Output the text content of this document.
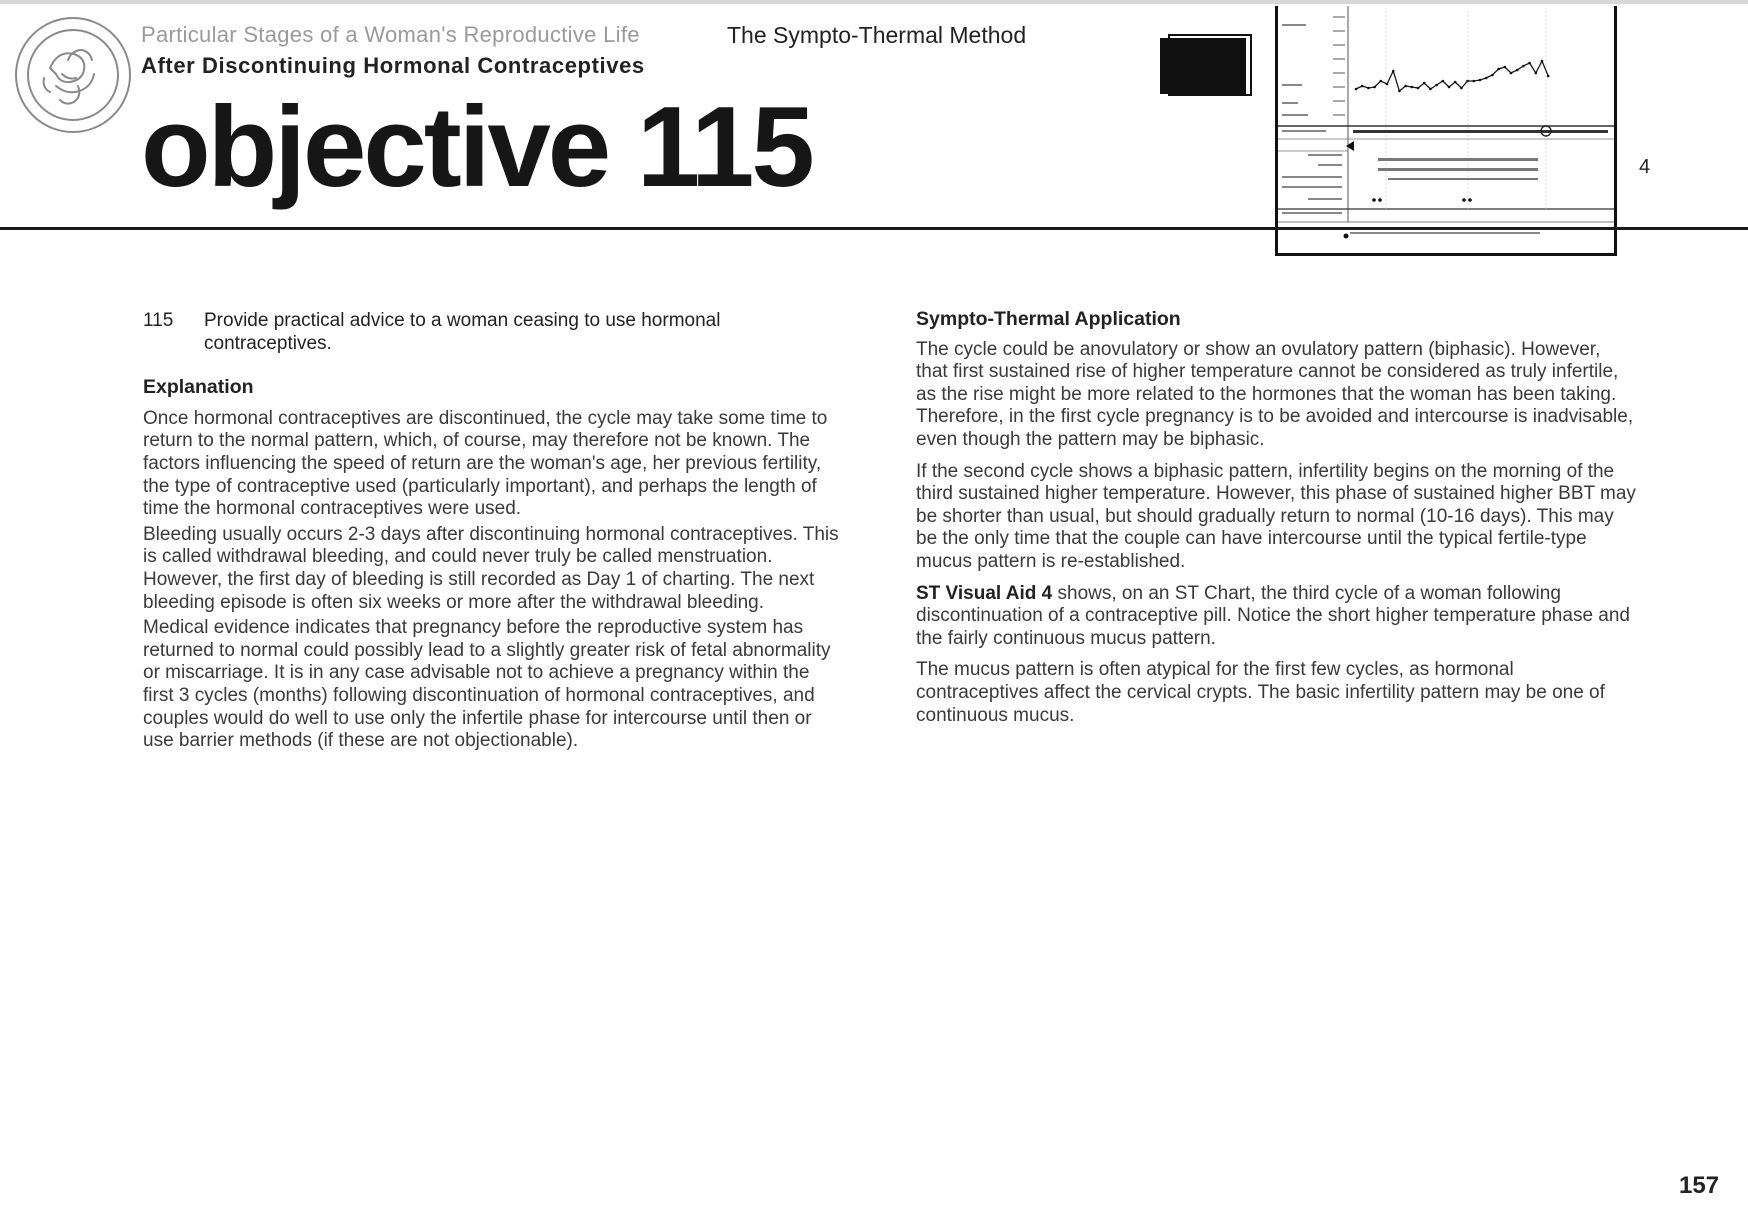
Particular Stages of a Woman's Reproductive Life
After Discontinuing Hormonal Contraceptives
The Sympto-Thermal Method
objective 115	4
115	Provide practical advice to a woman ceasing to use hormonal contraceptives.
Explanation

Once hormonal contraceptives are discontinued, the cycle may take some time to return to the normal pattern, which, of course, may therefore not be known. The factors influencing the speed of return are the woman's age, her previous fertility, the type of contraceptive used (particularly important), and perhaps the length of time the hormonal contraceptives were used.

Bleeding usually occurs 2-3 days after discontinuing hormonal contraceptives. This is called withdrawal bleeding, and could never truly be called menstruation. However, the first day of bleeding is still recorded as Day 1 of charting. The next bleeding episode is often six weeks or more after the withdrawal bleeding.

Medical evidence indicates that pregnancy before the reproductive system has returned to normal could possibly lead to a slightly greater risk of fetal abnormality or miscarriage. It is in any case advisable not to achieve a pregnancy within the first 3 cycles (months) following discontinuation of hormonal contraceptives, and couples would do well to use only the infertile phase for intercourse until then or use barrier methods (if these are not objectionable).

Sympto-Thermal Application

The cycle could be anovulatory or show an ovulatory pattern (biphasic). However, that first sustained rise of higher temperature cannot be considered as truly infertile, as the rise might be more related to the hormones that the woman has been taking. Therefore, in the first cycle pregnancy is to be avoided and intercourse is inadvisable, even though the pattern may be biphasic.

If the second cycle shows a biphasic pattern, infertility begins on the morning of the third sustained higher temperature. However, this phase of sustained higher BBT may be shorter than usual, but should gradually return to normal (10-16 days). This may be the only time that the couple can have intercourse until the typical fertile-type mucus pattern is re-established.

ST Visual Aid 4 shows, on an ST Chart, the third cycle of a woman following discontinuation of a contraceptive pill. Notice the short higher temperature phase and the fairly continuous mucus pattern.

The mucus pattern is often atypical for the first few cycles, as hormonal contraceptives affect the cervical crypts. The basic infertility pattern may be one of continuous mucus.

157
